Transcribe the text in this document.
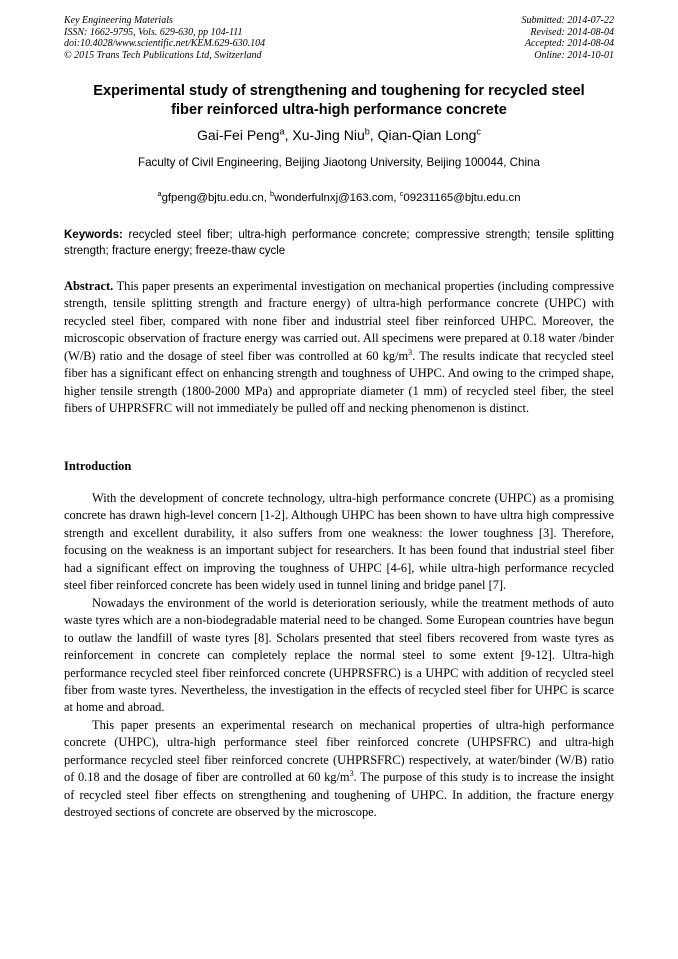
Key Engineering Materials
ISSN: 1662-9795, Vols. 629-630, pp 104-111
doi:10.4028/www.scientific.net/KEM.629-630.104
© 2015 Trans Tech Publications Ltd, Switzerland
Submitted: 2014-07-22
Revised: 2014-08-04
Accepted: 2014-08-04
Online: 2014-10-01
Experimental study of strengthening and toughening for recycled steel
fiber reinforced ultra-high performance concrete
Gai-Fei Peng$^a$, Xu-Jing Niu$^b$, Qian-Qian Long$^c$
Faculty of Civil Engineering, Beijing Jiaotong University, Beijing 100044, China
$^a$gfpeng@bjtu.edu.cn, $^b$wonderfulnxj@163.com, $^c$09231165@bjtu.edu.cn
Keywords: recycled steel fiber; ultra-high performance concrete; compressive strength; tensile splitting strength; fracture energy; freeze-thaw cycle
Abstract. This paper presents an experimental investigation on mechanical properties (including compressive strength, tensile splitting strength and fracture energy) of ultra-high performance concrete (UHPC) with recycled steel fiber, compared with none fiber and industrial steel fiber reinforced UHPC. Moreover, the microscopic observation of fracture energy was carried out. All specimens were prepared at 0.18 water /binder (W/B) ratio and the dosage of steel fiber was controlled at 60 $kg/m^3$. The results indicate that recycled steel fiber has a significant effect on enhancing strength and toughness of UHPC. And owing to the crimped shape, higher tensile strength (1800-2000 MPa) and appropriate diameter (1 mm) of recycled steel fiber, the steel fibers of UHPRSFRC will not immediately be pulled off and necking phenomenon is distinct.
Introduction

With the development of concrete technology, ultra-high performance concrete (UHPC) as a promising concrete has drawn high-level concern [1-2]. Although UHPC has been shown to have ultra high compressive strength and excellent durability, it also suffers from one weakness: the lower toughness [3]. Therefore, focusing on the weakness is an important subject for researchers. It has been found that industrial steel fiber had a significant effect on improving the toughness of UHPC [4-6], while ultra-high performance recycled steel fiber reinforced concrete has been widely used in tunnel lining and bridge panel [7].

Nowadays the environment of the world is deterioration seriously, while the treatment methods of auto waste tyres which are a non-biodegradable material need to be changed. Some European countries have begun to outlaw the landfill of waste tyres [8]. Scholars presented that steel fibers recovered from waste tyres as reinforcement in concrete can completely replace the normal steel to some extent [9-12]. Ultra-high performance recycled steel fiber reinforced concrete (UHPRSFRC) is a UHPC with addition of recycled steel fiber from waste tyres. Nevertheless, the investigation in the effects of recycled steel fiber for UHPC is scarce at home and abroad.

This paper presents an experimental research on mechanical properties of ultra-high performance concrete (UHPC), ultra-high performance steel fiber reinforced concrete (UHPSFRC) and ultra-high performance recycled steel fiber reinforced concrete (UHPRSFRC) respectively, at water/binder (W/B) ratio of 0.18 and the dosage of fiber are controlled at 60 $kg/m^3$. The purpose of this study is to increase the insight of recycled steel fiber effects on strengthening and toughening of UHPC. In addition, the fracture energy destroyed sections of concrete are observed by the microscope.
